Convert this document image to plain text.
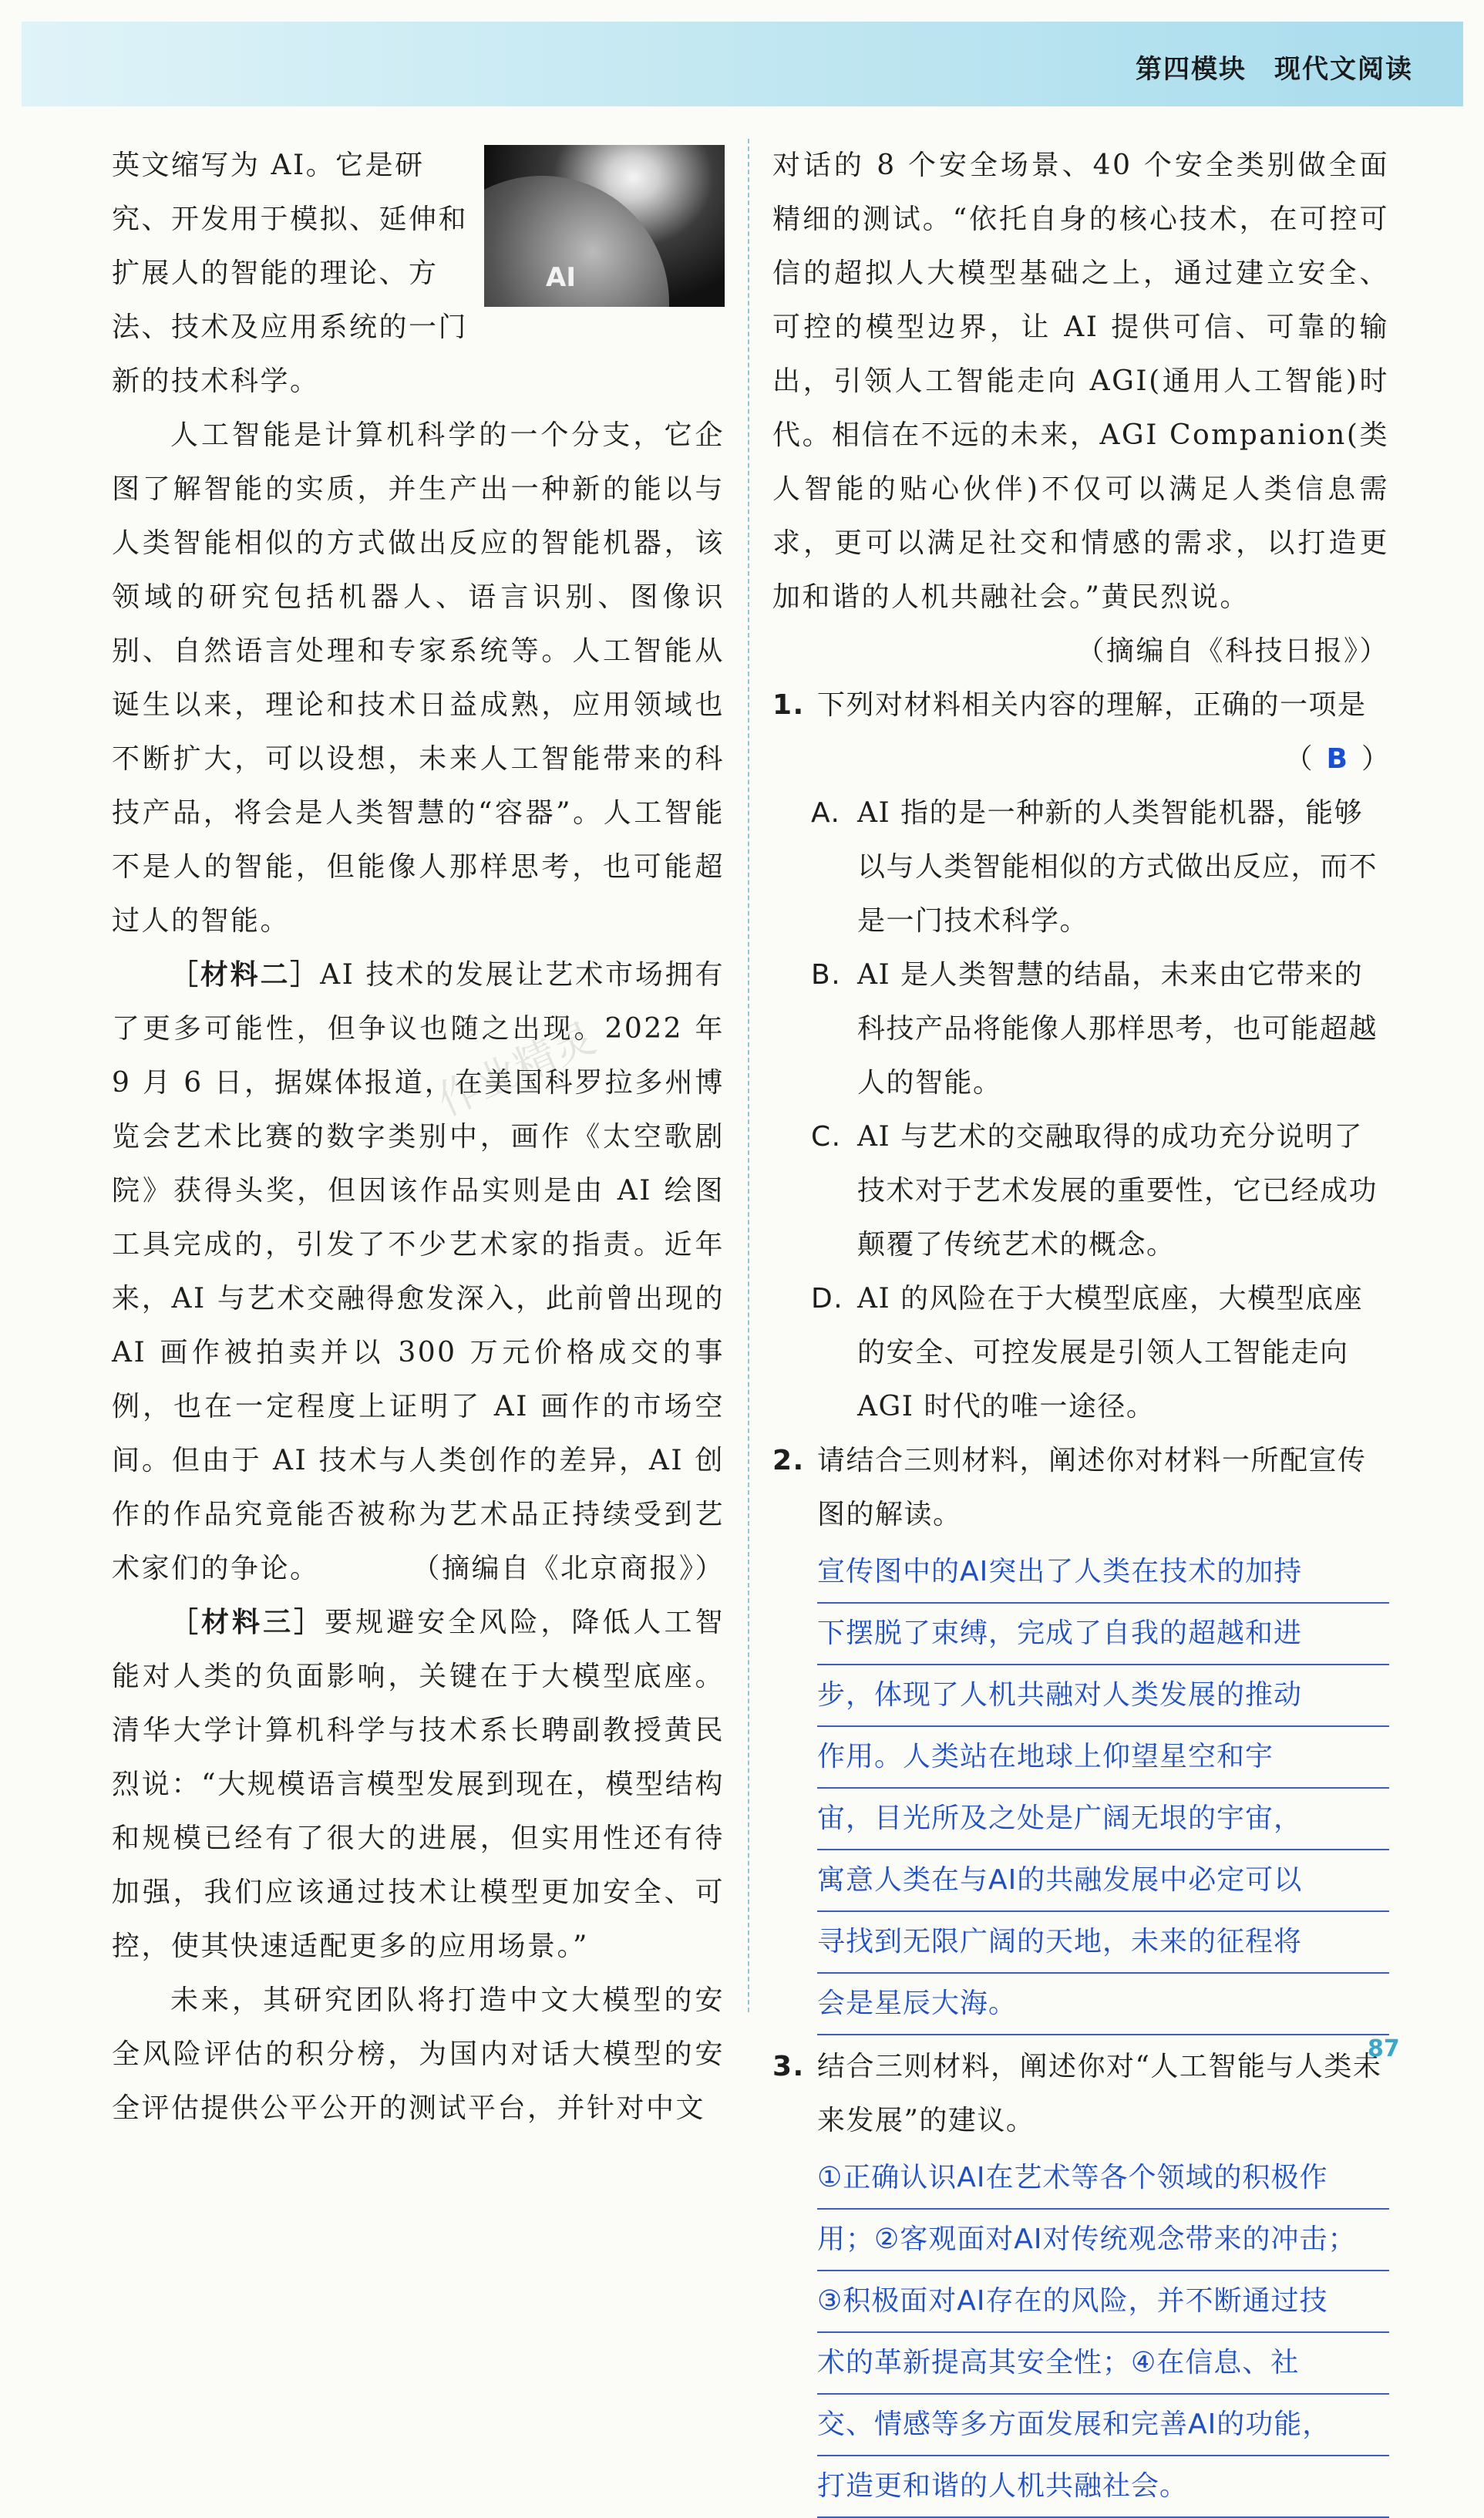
第四模块　现代文阅读
作业精灵

英文缩写为 AI。它是研

究、开发用于模拟、延伸和

扩展人的智能的理论、方

法、技术及应用系统的一门

AI

新的技术科学。

人工智能是计算机科学的一个分支，它企图了解智能的实质，并生产出一种新的能以与人类智能相似的方式做出反应的智能机器，该领域的研究包括机器人、语言识别、图像识别、自然语言处理和专家系统等。人工智能从诞生以来，理论和技术日益成熟，应用领域也不断扩大，可以设想，未来人工智能带来的科技产品，将会是人类智慧的“容器”。人工智能不是人的智能，但能像人那样思考，也可能超过人的智能。

［材料二］AI 技术的发展让艺术市场拥有了更多可能性，但争议也随之出现。2022 年 9 月 6 日，据媒体报道，在美国科罗拉多州博览会艺术比赛的数字类别中，画作《太空歌剧院》获得头奖，但因该作品实则是由 AI 绘图工具完成的，引发了不少艺术家的指责。近年来，AI 与艺术交融得愈发深入，此前曾出现的 AI 画作被拍卖并以 300 万元价格成交的事例，也在一定程度上证明了 AI 画作的市场空间。但由于 AI 技术与人类创作的差异，AI 创作的作品究竟能否被称为艺术品正持续受到艺术家们的争论。	（摘编自《北京商报》）

［材料三］要规避安全风险，降低人工智能对人类的负面影响，关键在于大模型底座。清华大学计算机科学与技术系长聘副教授黄民烈说：“大规模语言模型发展到现在，模型结构和规模已经有了很大的进展，但实用性还有待加强，我们应该通过技术让模型更加安全、可控，使其快速适配更多的应用场景。”

未来，其研究团队将打造中文大模型的安全风险评估的积分榜，为国内对话大模型的安全评估提供公平公开的测试平台，并针对中文

对话的 8 个安全场景、40 个安全类别做全面精细的测试。“依托自身的核心技术，在可控可信的超拟人大模型基础之上，通过建立安全、可控的模型边界，让 AI 提供可信、可靠的输出，引领人工智能走向 AGI(通用人工智能)时代。相信在不远的未来，AGI Companion(类人智能的贴心伙伴)不仅可以满足人类信息需求，更可以满足社交和情感的需求，以打造更加和谐的人机共融社会。”黄民烈说。

（摘编自《科技日报》）

1. 下列对材料相关内容的理解，正确的一项是
（ B ）
A. AI 指的是一种新的人类智能机器，能够以与人类智能相似的方式做出反应，而不是一门技术科学。
B. AI 是人类智慧的结晶，未来由它带来的科技产品将能像人那样思考，也可能超越人的智能。
C. AI 与艺术的交融取得的成功充分说明了技术对于艺术发展的重要性，它已经成功颠覆了传统艺术的概念。
D. AI 的风险在于大模型底座，大模型底座的安全、可控发展是引领人工智能走向 AGI 时代的唯一途径。
2. 请结合三则材料，阐述你对材料一所配宣传图的解读。
宣传图中的AI突出了人类在技术的加持
下摆脱了束缚，完成了自我的超越和进
步，体现了人机共融对人类发展的推动
作用。人类站在地球上仰望星空和宇
宙，目光所及之处是广阔无垠的宇宙，
寓意人类在与AI的共融发展中必定可以
寻找到无限广阔的天地，未来的征程将
会是星辰大海。
3. 结合三则材料，阐述你对“人工智能与人类未来发展”的建议。
①正确认识AI在艺术等各个领域的积极作
用；②客观面对AI对传统观念带来的冲击；
③积极面对AI存在的风险，并不断通过技
术的革新提高其安全性；④在信息、社
交、情感等多方面发展和完善AI的功能，
打造更和谐的人机共融社会。
87
